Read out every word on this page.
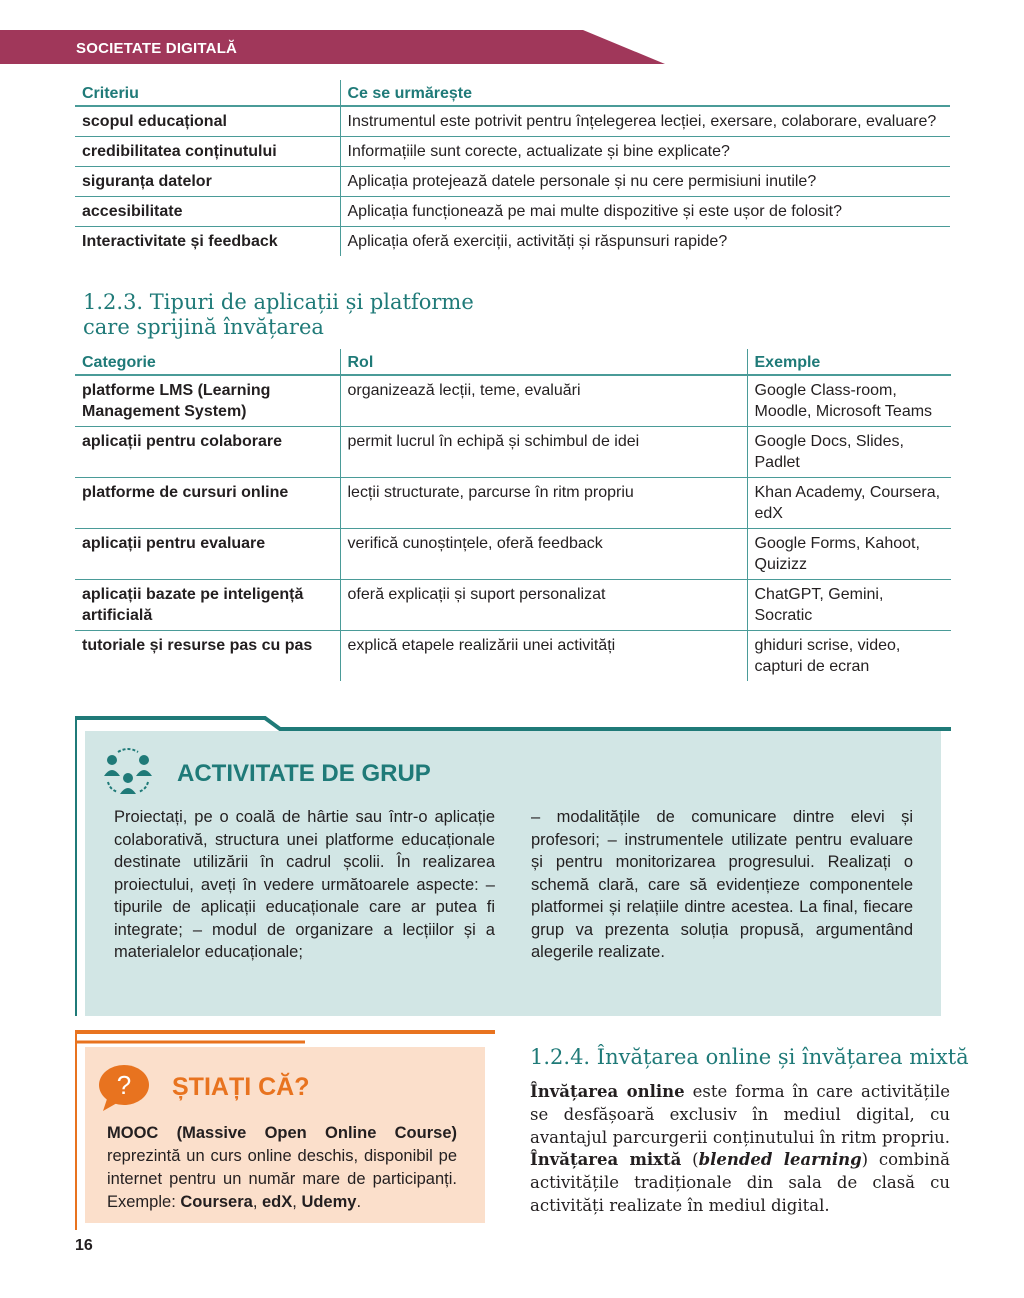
SOCIETATE DIGITALĂ
Criteriu	Ce se urmărește
scopul educațional	Instrumentul este potrivit pentru înțelegerea lecției, exersare, colaborare, evaluare?
credibilitatea conținutului	Informațiile sunt corecte, actualizate și bine explicate?
siguranța datelor	Aplicația protejează datele personale și nu cere permisiuni inutile?
accesibilitate	Aplicația funcționează pe mai multe dispozitive și este ușor de folosit?
Interactivitate și feedback	Aplicația oferă exerciții, activități și răspunsuri rapide?
1.2.3. Tipuri de aplicații și platforme care sprijină învățarea
Categorie	Rol	Exemple
platforme LMS (Learning Management System)	organizează lecții, teme, evaluări	Google Class-room, Moodle, Microsoft Teams
aplicații pentru colaborare	permit lucrul în echipă și schimbul de idei	Google Docs, Slides, Padlet
platforme de cursuri online	lecții structurate, parcurse în ritm propriu	Khan Academy, Coursera, edX
aplicații pentru evaluare	verifică cunoștințele, oferă feedback	Google Forms, Kahoot, Quizizz
aplicații bazate pe inteligență artificială	oferă explicații și suport personalizat	ChatGPT, Gemini, Socratic
tutoriale și resurse pas cu pas	explică etapele realizării unei activități	ghiduri scrise, video, capturi de ecran
ACTIVITATE DE GRUP

Proiectați, pe o coală de hârtie sau într-o aplicație colaborativă, structura unei platforme educaționale destinate utilizării în cadrul școlii. În realizarea proiectului, aveți în vedere următoarele aspecte: – tipurile de aplicații educaționale care ar putea fi integrate; – modul de organizare a lecțiilor și a materialelor educaționale;

– modalitățile de comunicare dintre elevi și profesori; – instrumentele utilizate pentru evaluare și pentru monitorizarea progresului. Realizați o schemă clară, care să evidențieze componentele platformei și relațiile dintre acestea. La final, fiecare grup va prezenta soluția propusă, argumentând alegerile realizate.

? ȘTIAȚI CĂ?

MOOC (Massive Open Online Course) reprezintă un curs online deschis, disponibil pe internet pentru un număr mare de participanți. Exemple: Coursera, edX, Udemy.

1.2.4. Învățarea online și învățarea mixtă

Învățarea online este forma în care activitățile se desfășoară exclusiv în mediul digital, cu avantajul parcurgerii conținutului în ritm propriu. Învățarea mixtă (blended learning) combină activitățile tradiționale din sala de clasă cu activități realizate în mediul digital.

16
